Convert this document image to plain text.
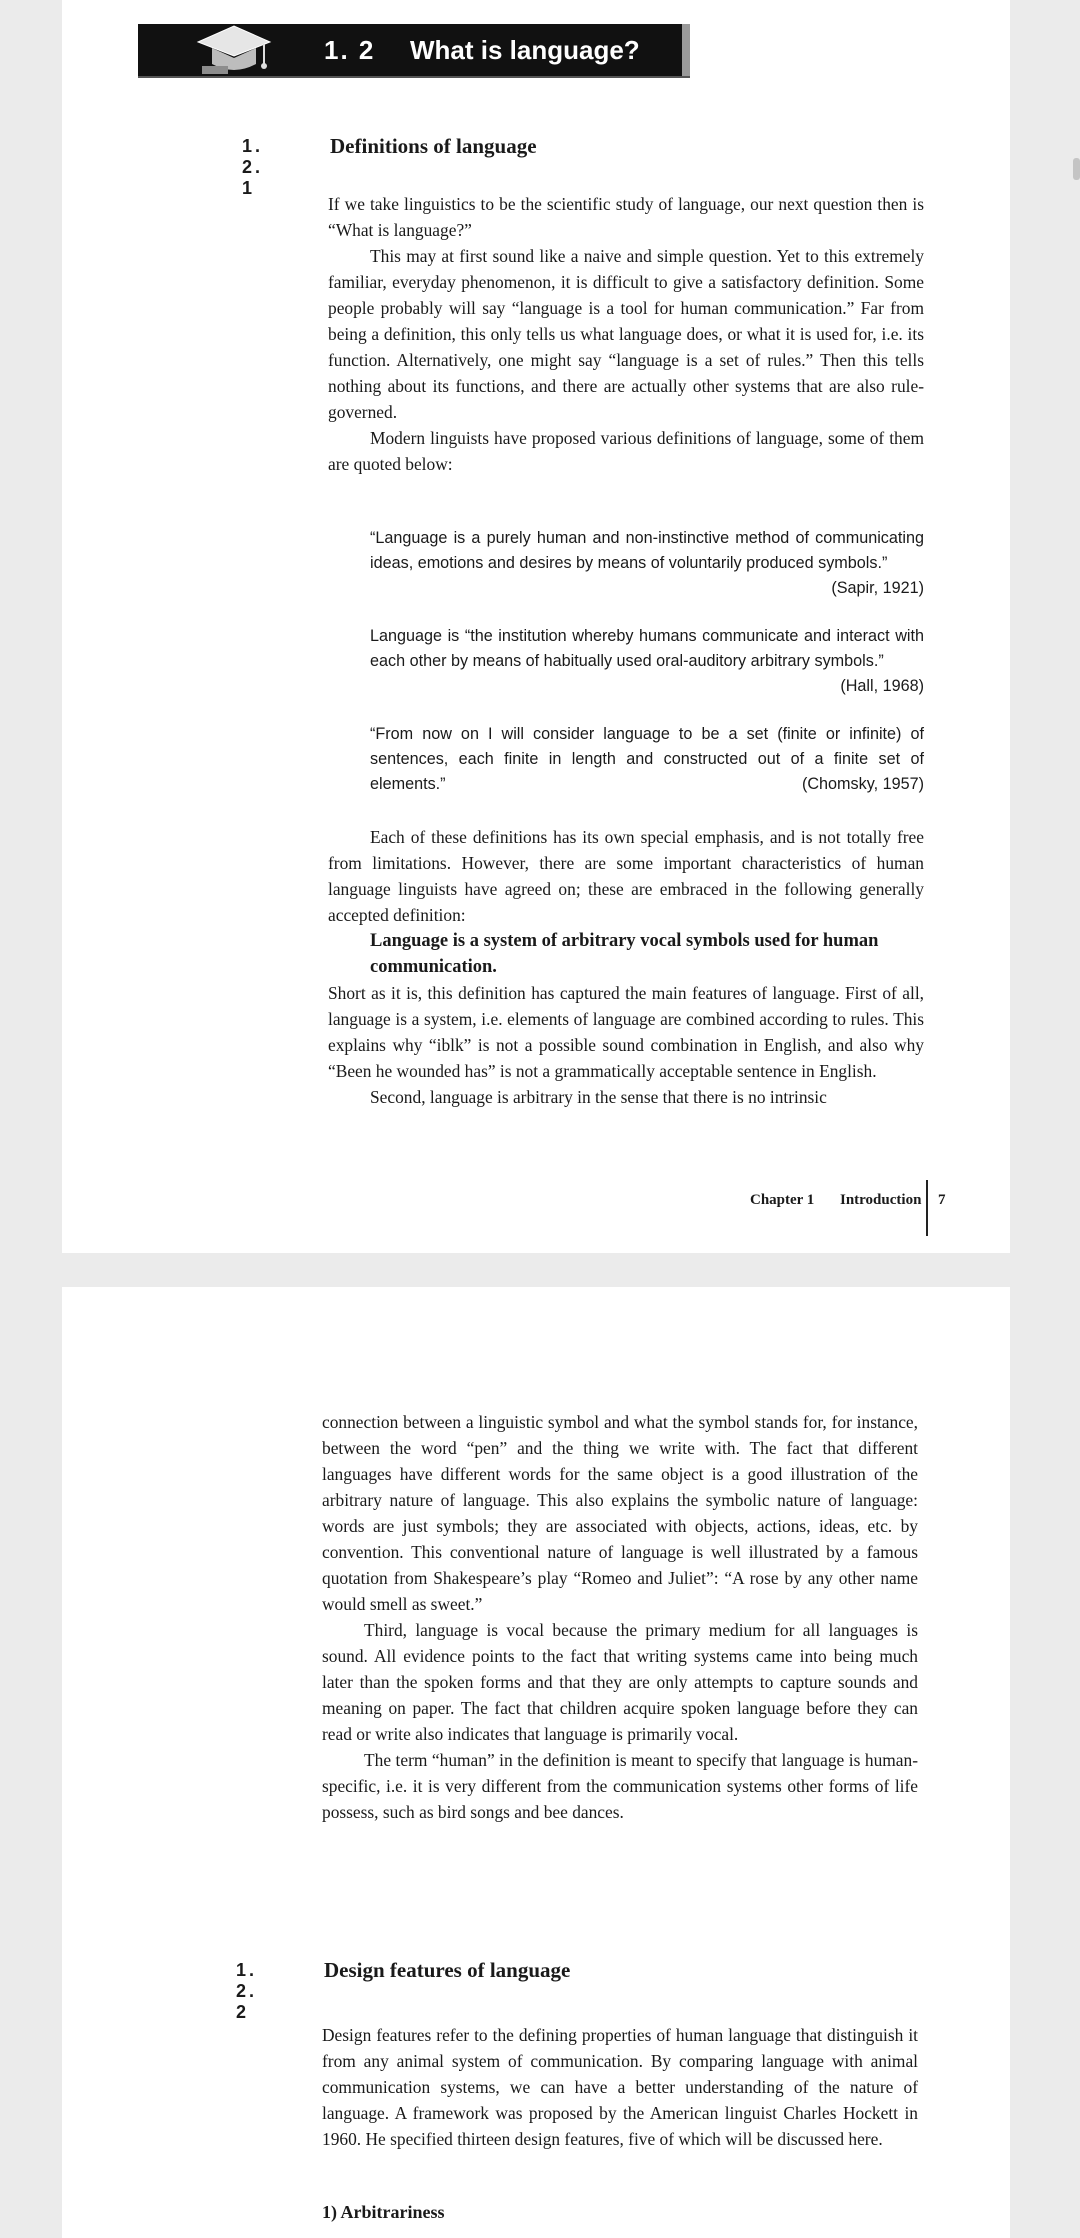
1. 2 What is language?
1. 2. 1
Definitions of language

If we take linguistics to be the scientific study of language, our next question then is “What is language?”

This may at first sound like a naive and simple question. Yet to this extremely familiar, everyday phenomenon, it is difficult to give a satisfactory definition. Some people probably will say “language is a tool for human communication.” Far from being a definition, this only tells us what language does, or what it is used for, i.e. its function. Alternatively, one might say “language is a set of rules.” Then this tells nothing about its functions, and there are actually other systems that are also rule-governed.

Modern linguists have proposed various definitions of language, some of them are quoted below:

“Language is a purely human and non-instinctive method of communicating ideas, emotions and desires by means of voluntarily produced symbols.”
(Sapir, 1921)
Language is “the institution whereby humans communicate and interact with each other by means of habitually used oral-auditory arbitrary symbols.”
(Hall, 1968)
“From now on I will consider language to be a set (finite or infinite) of sentences, each finite in length and constructed out of a finite set of elements.”	(Chomsky, 1957)

Each of these definitions has its own special emphasis, and is not totally free from limitations. However, there are some important characteristics of human language linguists have agreed on; these are embraced in the following generally accepted definition:

Language is a system of arbitrary vocal symbols used for human communication.

Short as it is, this definition has captured the main features of language. First of all, language is a system, i.e. elements of language are combined according to rules. This explains why “iblk” is not a possible sound combination in English, and also why “Been he wounded has” is not a grammatically acceptable sentence in English.

Second, language is arbitrary in the sense that there is no intrinsic

Chapter 1 Introduction 7

connection between a linguistic symbol and what the symbol stands for, for instance, between the word “pen” and the thing we write with. The fact that different languages have different words for the same object is a good illustration of the arbitrary nature of language. This also explains the symbolic nature of language: words are just symbols; they are associated with objects, actions, ideas, etc. by convention. This conventional nature of language is well illustrated by a famous quotation from Shakespeare’s play “Romeo and Juliet”: “A rose by any other name would smell as sweet.”

Third, language is vocal because the primary medium for all languages is sound. All evidence points to the fact that writing systems came into being much later than the spoken forms and that they are only attempts to capture sounds and meaning on paper. The fact that children acquire spoken language before they can read or write also indicates that language is primarily vocal.

The term “human” in the definition is meant to specify that language is human-specific, i.e. it is very different from the communication systems other forms of life possess, such as bird songs and bee dances.

1. 2. 2
Design features of language

Design features refer to the defining properties of human language that distinguish it from any animal system of communication. By comparing language with animal communication systems, we can have a better understanding of the nature of language. A framework was proposed by the American linguist Charles Hockett in 1960. He specified thirteen design features, five of which will be discussed here.

1) Arbitrariness
